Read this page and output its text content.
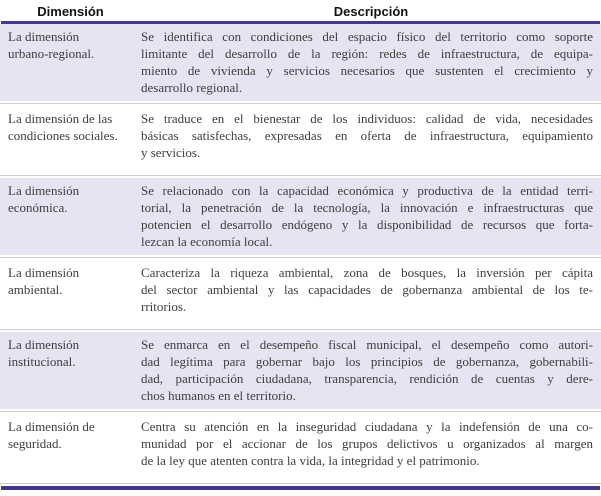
Dimensión	Descripción
La dimensión
urbano-regional.
Se identifica con condiciones del espacio físico del territorio como soporte
limitante del desarrollo de la región: redes de infraestructura, de equipa-
miento de vivienda y servicios necesarios que sustenten el crecimiento y
desarrollo regional.
La dimensión de las
condiciones sociales.
Se traduce en el bienestar de los individuos: calidad de vida, necesidades
básicas satisfechas, expresadas en oferta de infraestructura, equipamiento
y servicios.
La dimensión
económica.
Se relacionado con la capacidad económica y productiva de la entidad terri-
torial, la penetración de la tecnología, la innovación e infraestructuras que
potencien el desarrollo endógeno y la disponibilidad de recursos que forta-
lezcan la economía local.
La dimensión
ambiental.
Caracteriza la riqueza ambiental, zona de bosques, la inversión per cápita
del sector ambiental y las capacidades de gobernanza ambiental de los te-
rritorios.
La dimensión
institucional.
Se enmarca en el desempeño fiscal municipal, el desempeño como autori-
dad legítima para gobernar bajo los principios de gobernanza, gobernabili-
dad, participación ciudadana, transparencia, rendición de cuentas y dere-
chos humanos en el territorio.
La dimensión de
seguridad.
Centra su atención en la inseguridad ciudadana y la indefensión de una co-
munidad por el accionar de los grupos delictivos u organizados al margen
de la ley que atenten contra la vida, la integridad y el patrimonio.
